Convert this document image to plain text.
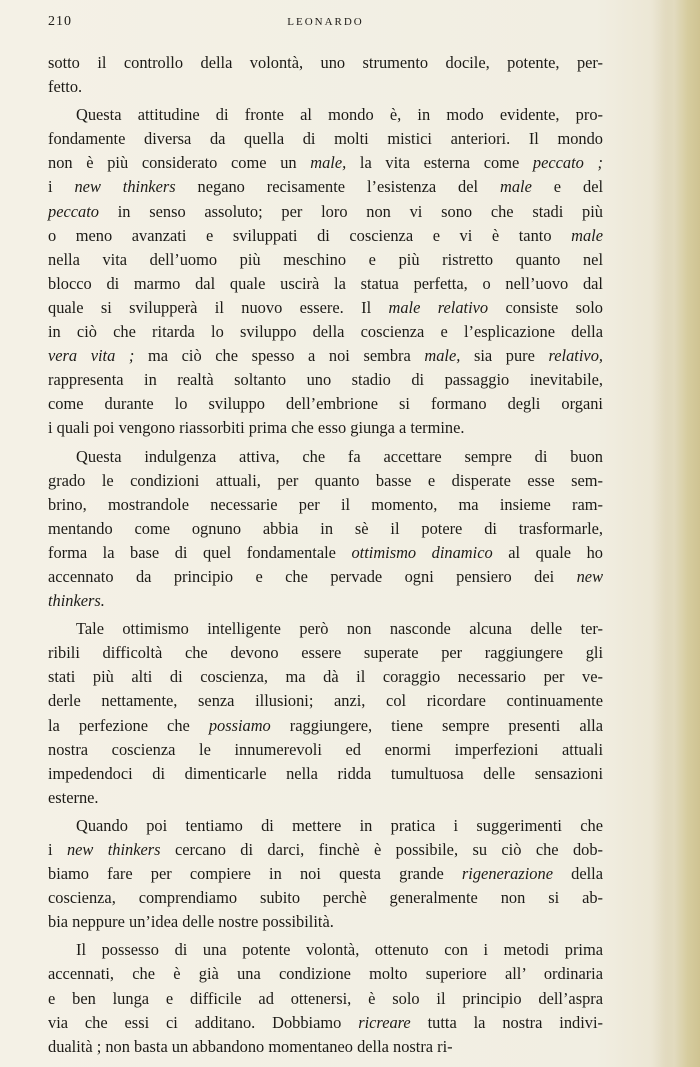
210	LEONARDO
sotto il controllo della volontà, uno strumento docile, potente, per-
fetto.
Questa attitudine di fronte al mondo è, in modo evidente, pro-
fondamente diversa da quella di molti mistici anteriori. Il mondo
non è più considerato come un male, la vita esterna come peccato ;
i new thinkers negano recisamente l’esistenza del male e del
peccato in senso assoluto; per loro non vi sono che stadi più
o meno avanzati e sviluppati di coscienza e vi è tanto male
nella vita dell’uomo più meschino e più ristretto quanto nel
blocco di marmo dal quale uscirà la statua perfetta, o nell’uovo dal
quale si svilupperà il nuovo essere. Il male relativo consiste solo
in ciò che ritarda lo sviluppo della coscienza e l’esplicazione della
vera vita ; ma ciò che spesso a noi sembra male, sia pure relativo,
rappresenta in realtà soltanto uno stadio di passaggio inevitabile,
come durante lo sviluppo dell’embrione si formano degli organi
i quali poi vengono riassorbiti prima che esso giunga a termine.
Questa indulgenza attiva, che fa accettare sempre di buon
grado le condizioni attuali, per quanto basse e disperate esse sem-
brino, mostrandole necessarie per il momento, ma insieme ram-
mentando come ognuno abbia in sè il potere di trasformarle,
forma la base di quel fondamentale ottimismo dinamico al quale ho
accennato da principio e che pervade ogni pensiero dei new
thinkers.
Tale ottimismo intelligente però non nasconde alcuna delle ter-
ribili difficoltà che devono essere superate per raggiungere gli
stati più alti di coscienza, ma dà il coraggio necessario per ve-
derle nettamente, senza illusioni; anzi, col ricordare continuamente
la perfezione che possiamo raggiungere, tiene sempre presenti alla
nostra coscienza le innumerevoli ed enormi imperfezioni attuali
impedendoci di dimenticarle nella ridda tumultuosa delle sensazioni
esterne.
Quando poi tentiamo di mettere in pratica i suggerimenti che
i new thinkers cercano di darci, finchè è possibile, su ciò che dob-
biamo fare per compiere in noi questa grande rigenerazione della
coscienza, comprendiamo subito perchè generalmente non si ab-
bia neppure un’idea delle nostre possibilità.
Il possesso di una potente volontà, ottenuto con i metodi prima
accennati, che è già una condizione molto superiore all’ ordinaria
e ben lunga e difficile ad ottenersi, è solo il principio dell’aspra
via che essi ci additano. Dobbiamo ricreare tutta la nostra indivi-
dualità ; non basta un abbandono momentaneo della nostra ri-
